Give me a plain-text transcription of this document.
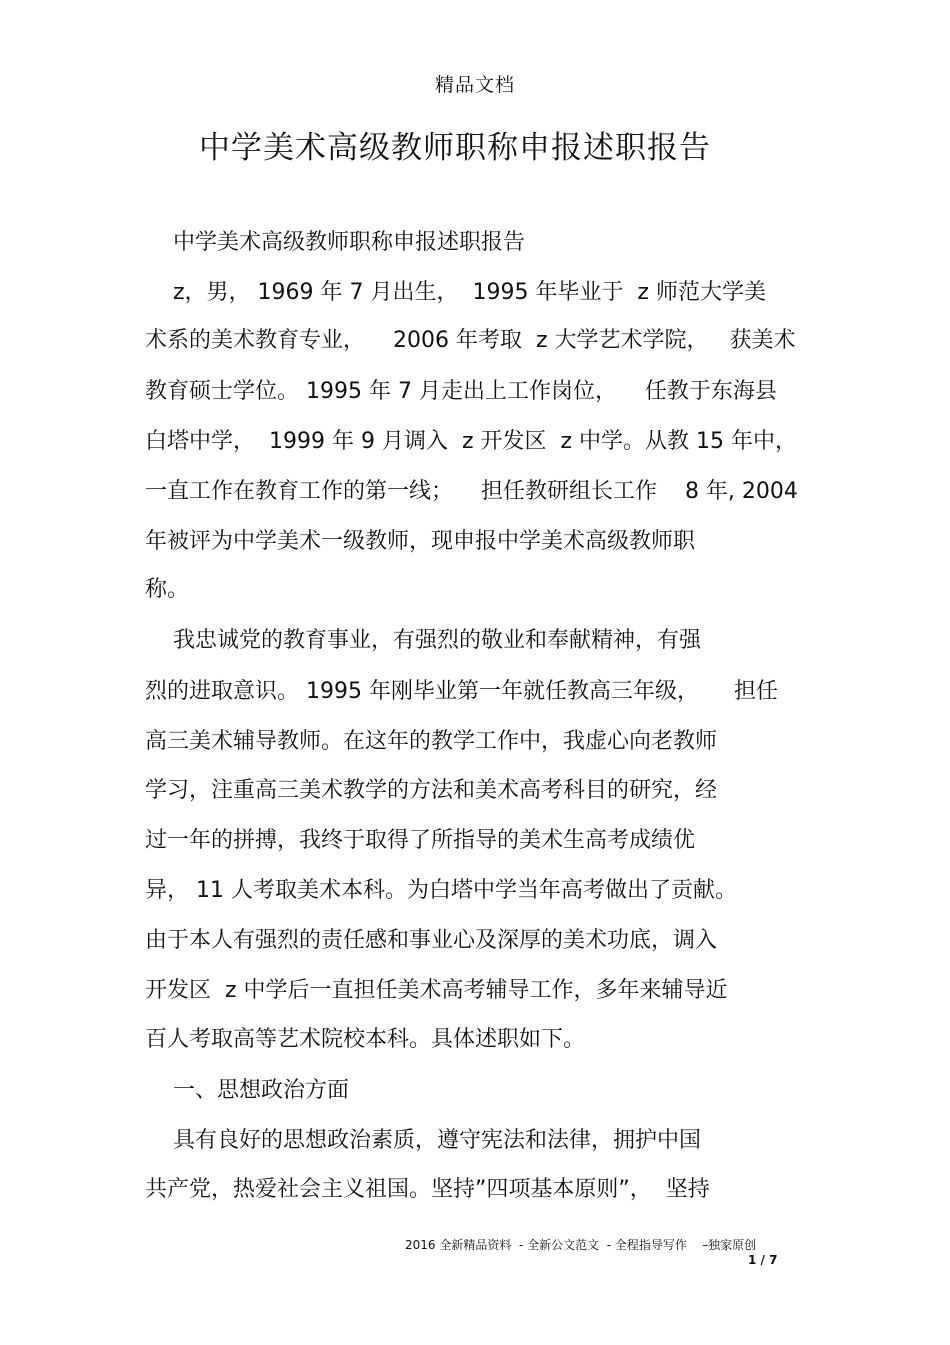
精品文档
中学美术高级教师职称申报述职报告
中学美术高级教师职称申报述职报告
z，男， 1969 年 7 月出生，  1995 年毕业于  z 师范大学美
术系的美术教育专业，    2006 年考取  z 大学艺术学院，   获美术
教育硕士学位。 1995 年 7 月走出上工作岗位，    任教于东海县
白塔中学，  1999 年 9 月调入  z 开发区  z 中学。从教 15 年中，
一直工作在教育工作的第一线；    担任教研组长工作    8 年, 2004
年被评为中学美术一级教师，现申报中学美术高级教师职
称。
我忠诚党的教育事业，有强烈的敬业和奉献精神，有强
烈的进取意识。 1995 年刚毕业第一年就任教高三年级，     担任
高三美术辅导教师。在这年的教学工作中，我虚心向老教师
学习，注重高三美术教学的方法和美术高考科目的研究，经
过一年的拼搏，我终于取得了所指导的美术生高考成绩优
异， 11 人考取美术本科。为白塔中学当年高考做出了贡献。
由于本人有强烈的责任感和事业心及深厚的美术功底，调入
开发区  z 中学后一直担任美术高考辅导工作，多年来辅导近
百人考取高等艺术院校本科。具体述职如下。
一、思想政治方面
具有良好的思想政治素质，遵守宪法和法律，拥护中国
共产党，热爱社会主义祖国。坚持”四项基本原则”，  坚持
2016 全新精品资料  - 全新公文范文  - 全程指导写作    –独家原创
1 / 7
